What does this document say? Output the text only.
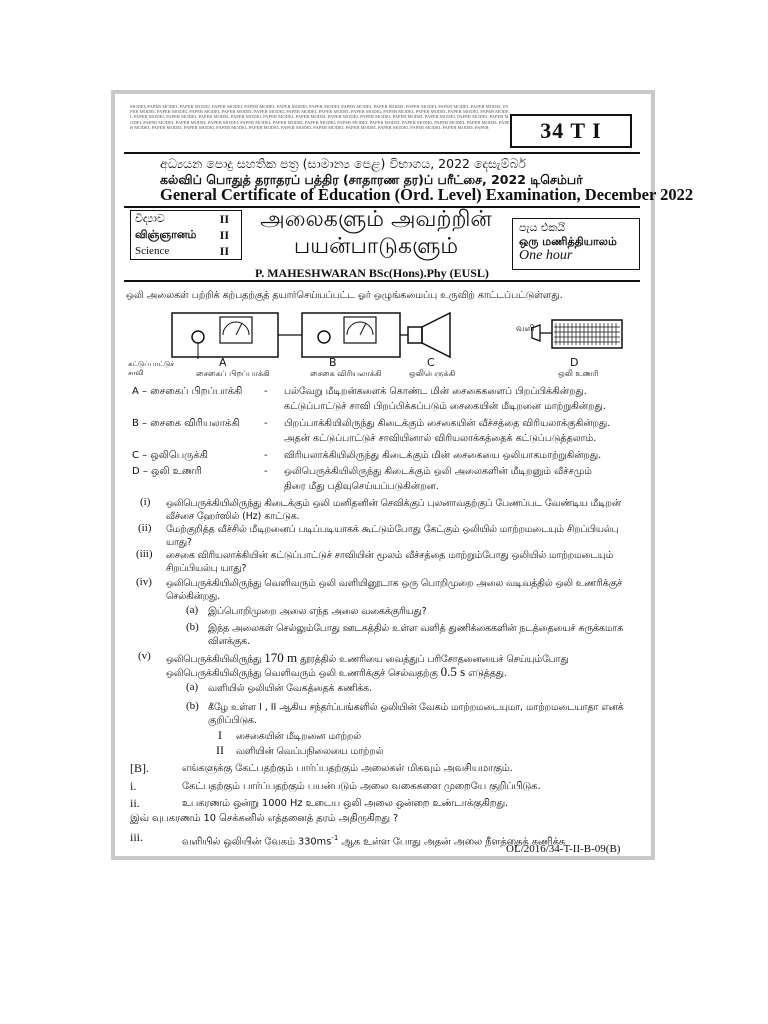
MODEL PAPER MODEL PAPER MODEL PAPER MODEL PAPER MODEL PAPER MODEL PAPER MODEL PAPER MODEL PAPER MODEL PAPER MODEL PAPER MODEL PAPER MODEL PAPER MODEL PAPER MODEL PAPER MODEL PAPER MODEL PAPER MODEL PAPER MODEL PAPER MODEL PAPER MODEL PAPER MODEL PAPER MODEL PAPER MODEL PAPER MODEL PAPER MODEL PAPER MODEL PAPER MODEL PAPER MODEL PAPER MODEL PAPER MODEL PAPER MODEL PAPER MODEL PAPER MODEL PAPER MODEL PAPER MODEL PAPER MODEL PAPER MODEL PAPER MODEL PAPER MODEL PAPER MODEL PAPER MODEL PAPER MODEL PAPER MODEL PAPER MODEL PAPER MODEL PAPER MODEL PAPER MODEL PAPER MODEL PAPER MODEL PAPER MODEL PAPER MODEL PAPER MODEL PAPER MODEL PAPER MODEL PAPER MODEL PAPER MODEL PAPER MODEL PAPER MODEL PAPER	34 T I
අධ්‍යයන පොදු සහතික පත්‍ර (සාමාන්‍ය පෙළ) විභාගය, 2022 දෙසැම්බර්
கல்விப் பொதுத் தராதரப் பத்திர (சாதாரண தர)ப் பரீட்சை, 2022 டிசெம்பர்
General Certificate of Education (Ord. Level) Examination, December 2022
විද්‍යාව	II
விஞ்ஞானம் II
Science	II
அலைகளும் அவற்றின்
பயன்பாடுகளும்
පැය එකයි
ஒரு மணித்தியாலம்
One hour
P. MAHESHWARAN BSc(Hons).Phy (EUSL)
ஒலி அலைகள் பற்றிக் கற்பதற்குத் தயார்செய்யப்பட்ட ஓர் ஒழுங்கமைப்பு உருவிற் காட்டப்பட்டுள்ளது.
A	B	C	D
வளி
கட்டுப்பாட்டுச் சாவி	சைகைப் பிறப்பாக்கி	சைகை விரியலாக்கி	ஒலிபெருக்கி	ஒலி உணரி
A – சைகைப் பிறப்பாக்கி - பல்வேறு மீடிறன்களைக் கொண்ட மின் சைகைகளைப் பிறப்பிக்கின்றது.
கட்டுப்பாட்டுச் சாவி பிறப்பிக்கப்படும் சைகையின் மீடிறனை மாற்றுகின்றது.
B – சைகை விரியலாக்கி - பிறப்பாக்கியிலிருந்து கிடைக்கும் சைகையின் வீச்சத்தை விரியலாக்குகின்றது.
அதன் கட்டுப்பாட்டுச் சாவியினால் விரியலாக்கத்தைக் கட்டுப்படுத்தலாம்.
C – ஒலிபெருக்கி	- விரியலாக்கியிலிருந்து கிடைக்கும் மின் சைகையை ஒலியாகமாற்றுகின்றது.
D – ஒலி உணரி	- ஒலிபெருக்கியிலிருந்து கிடைக்கும் ஒலி அலைகளின் மீடிறனும் வீச்சமும்
திரை மீது பதிவுசெய்யப்படுகின்றன.
(i) ஒலிபெருக்கியிலிருந்து கிடைக்கும் ஒலி மனிதனின் செவிக்குப் புலனாவதற்குப் பேணப்பட வேண்டிய மீடிறன்
வீச்சை ஹேர்ஸில் (Hz) காட்டுக.
(ii) மேற்குறித்த வீச்சில் மீடிறனைப் படிப்படியாகக் கூட்டும்போது கேட்கும் ஒலியில் மாற்றமடையும் சிறப்பியல்பு
யாது?
(iii) சைகை விரியலாக்கியின் கட்டுப்பாட்டுச் சாவியின் மூலம் வீச்சத்தை மாற்றும்போது ஒலியில் மாற்றமடையும்
சிறப்பியல்பு யாது?
(iv) ஒலிபெருக்கியிலிருந்து வெளிவரும் ஒலி வளியினூடாக ஒரு பொறிமுறை அலை வடிவத்தில் ஒலி உணரிக்குச்
செல்கின்றது.
(a) இப்பொறிமுறை அலை எந்த அலை வகைக்குரியது?
(b) இந்த அலைகள் செல்லும்போது ஊடகத்தில் உள்ள வளித் துணிக்கைகளின் நடத்தையைச் சுருக்கமாக
விளக்குக.
(v) ஒலிபெருக்கியிலிருந்து 170 m தூரத்தில் உணரியை வைத்துப் பரிசோதனையைச் செய்யும்போது
ஒலிபெருக்கியிலிருந்து வெளிவரும் ஒலி உணரிக்குச் செல்வதற்கு 0.5 s எடுத்தது.
(a) வளியில் ஒலியின் வேகத்தைக் கணிக்க.
(b) கீழே உள்ள I , II ஆகிய சந்தர்ப்பங்களில் ஒலியின் வேகம் மாற்றமடையுமா, மாற்றமடையாதா எனக்
குறிப்பிடுக.
I சைகையின் மீடிறனை மாற்றல்
II வளியின் வெப்பநிலையை மாற்றல்
[B].	எங்களுக்கு கேட்பதற்கும் பார்ப்பதற்கும் அலைகள் மிகவும் அவசியமாகும்.
i.	கேட்பதற்கும் பார்ப்பதற்கும் பயன்படும் அலை வகைகளை முறையே குறிப்பிடுக.
ii.	உபகரணம் ஒன்று 1000 Hz உடைய ஒலி அலை ஒன்றை உண்டாக்குகிறது.
இவ் வுபகரணம் 10 செக்கனில் எத்தனைத் தரம் அதிருகிறது ?
iii.	வளியில் ஒலியின் வேகம் $330ms^{-1}$ ஆக உள்ள போது அதன் அலை நீளத்தைக் கணிக்க
OL/2016/34-T-II-B-09(B)
